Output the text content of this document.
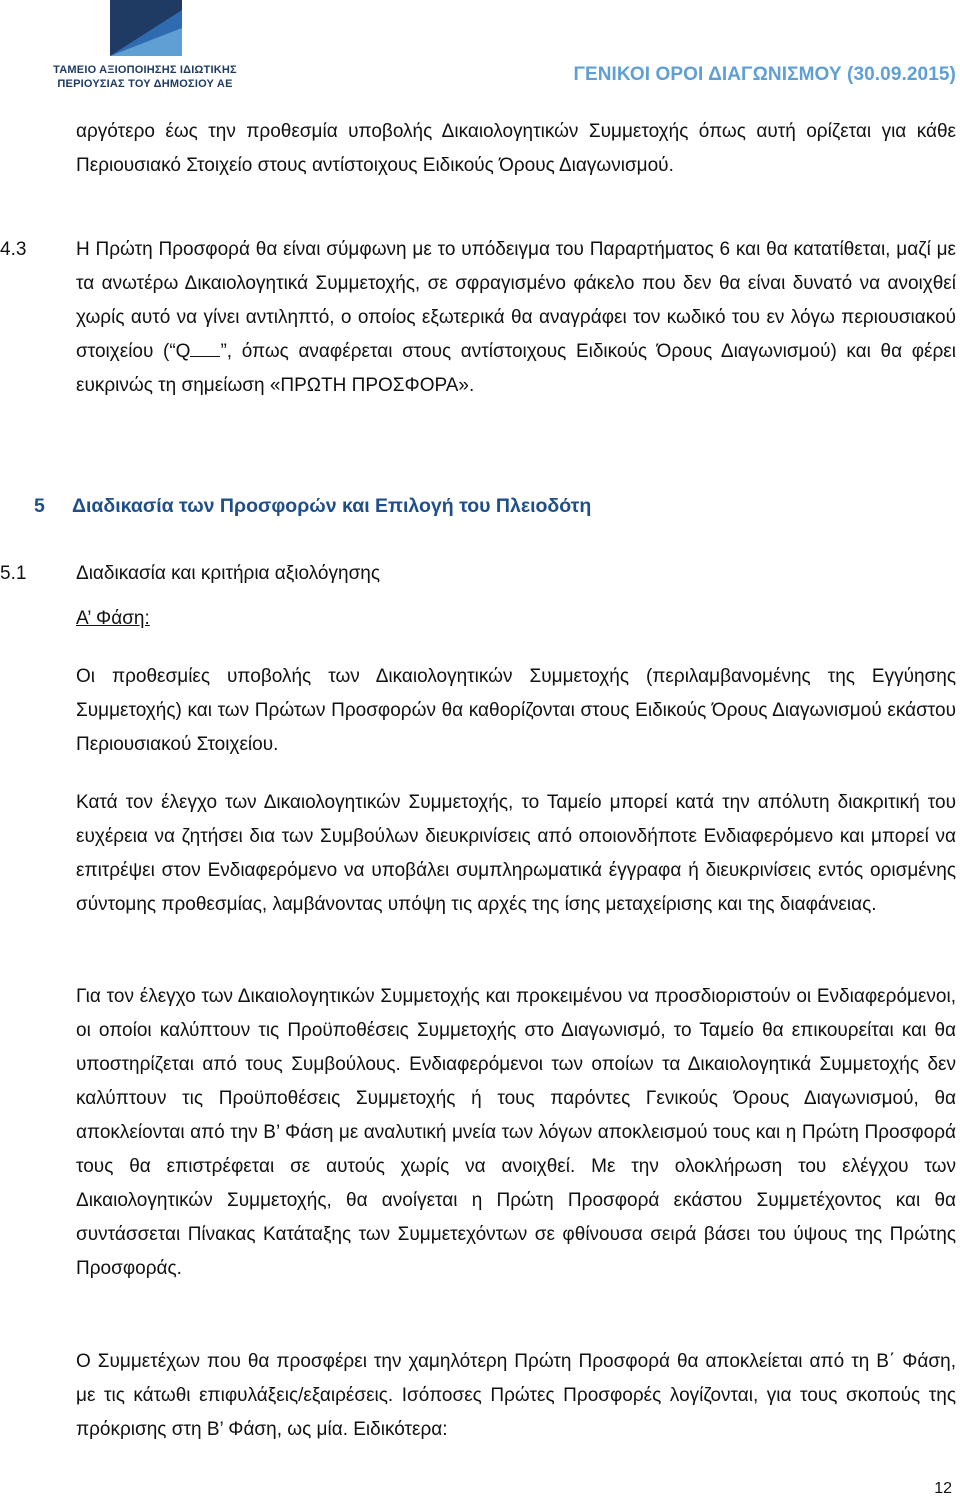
ΤΑΜΕΙΟ ΑΞΙΟΠΟΙΗΣΗΣ ΙΔΙΩΤΙΚΗΣ
ΠΕΡΙΟΥΣΙΑΣ ΤΟΥ ΔΗΜΟΣΙΟΥ ΑΕ	ΓΕΝΙΚΟΙ ΟΡΟΙ ΔΙΑΓΩΝΙΣΜΟΥ (30.09.2015)

αργότερο έως την προθεσμία υποβολής Δικαιολογητικών Συμμετοχής όπως αυτή ορίζεται για κάθε Περιουσιακό Στοιχείο στους αντίστοιχους Ειδικούς Όρους Διαγωνισμού.

4.3	Η Πρώτη Προσφορά θα είναι σύμφωνη με το υπόδειγμα του Παραρτήματος 6 και θα κατατίθεται, μαζί με τα ανωτέρω Δικαιολογητικά Συμμετοχής, σε σφραγισμένο φάκελο που δεν θα είναι δυνατό να ανοιχθεί χωρίς αυτό να γίνει αντιληπτό, ο οποίος εξωτερικά θα αναγράφει τον κωδικό του εν λόγω περιουσιακού στοιχείου (“Q ”, όπως αναφέρεται στους αντίστοιχους Ειδικούς Όρους Διαγωνισμού) και θα φέρει ευκρινώς τη σημείωση «ΠΡΩΤΗ ΠΡΟΣΦΟΡΑ».

5 Διαδικασία των Προσφορών και Επιλογή του Πλειοδότη
5.1	Διαδικασία και κριτήρια αξιολόγησης
Α’ Φάση:

Οι προθεσμίες υποβολής των Δικαιολογητικών Συμμετοχής (περιλαμβανομένης της Εγγύησης Συμμετοχής) και των Πρώτων Προσφορών θα καθορίζονται στους Ειδικούς Όρους Διαγωνισμού εκάστου Περιουσιακού Στοιχείου.

Κατά τον έλεγχο των Δικαιολογητικών Συμμετοχής, το Ταμείο μπορεί κατά την απόλυτη διακριτική του ευχέρεια να ζητήσει δια των Συμβούλων διευκρινίσεις από οποιονδήποτε Ενδιαφερόμενο και μπορεί να επιτρέψει στον Ενδιαφερόμενο να υποβάλει συμπληρωματικά έγγραφα ή διευκρινίσεις εντός ορισμένης σύντομης προθεσμίας, λαμβάνοντας υπόψη τις αρχές της ίσης μεταχείρισης και της διαφάνειας.

Για τον έλεγχο των Δικαιολογητικών Συμμετοχής και προκειμένου να προσδιοριστούν οι Ενδιαφερόμενοι, οι οποίοι καλύπτουν τις Προϋποθέσεις Συμμετοχής στο Διαγωνισμό, το Ταμείο θα επικουρείται και θα υποστηρίζεται από τους Συμβούλους. Ενδιαφερόμενοι των οποίων τα Δικαιολογητικά Συμμετοχής δεν καλύπτουν τις Προϋποθέσεις Συμμετοχής ή τους παρόντες Γενικούς Όρους Διαγωνισμού, θα αποκλείονται από την Β’ Φάση με αναλυτική μνεία των λόγων αποκλεισμού τους και η Πρώτη Προσφορά τους θα επιστρέφεται σε αυτούς χωρίς να ανοιχθεί. Με την ολοκλήρωση του ελέγχου των Δικαιολογητικών Συμμετοχής, θα ανοίγεται η Πρώτη Προσφορά εκάστου Συμμετέχοντος και θα συντάσσεται Πίνακας Κατάταξης των Συμμετεχόντων σε φθίνουσα σειρά βάσει του ύψους της Πρώτης Προσφοράς.

Ο Συμμετέχων που θα προσφέρει την χαμηλότερη Πρώτη Προσφορά θα αποκλείεται από τη Β΄ Φάση, με τις κάτωθι επιφυλάξεις/εξαιρέσεις. Ισόποσες Πρώτες Προσφορές λογίζονται, για τους σκοπούς της πρόκρισης στη Β’ Φάση, ως μία. Ειδικότερα:

12
